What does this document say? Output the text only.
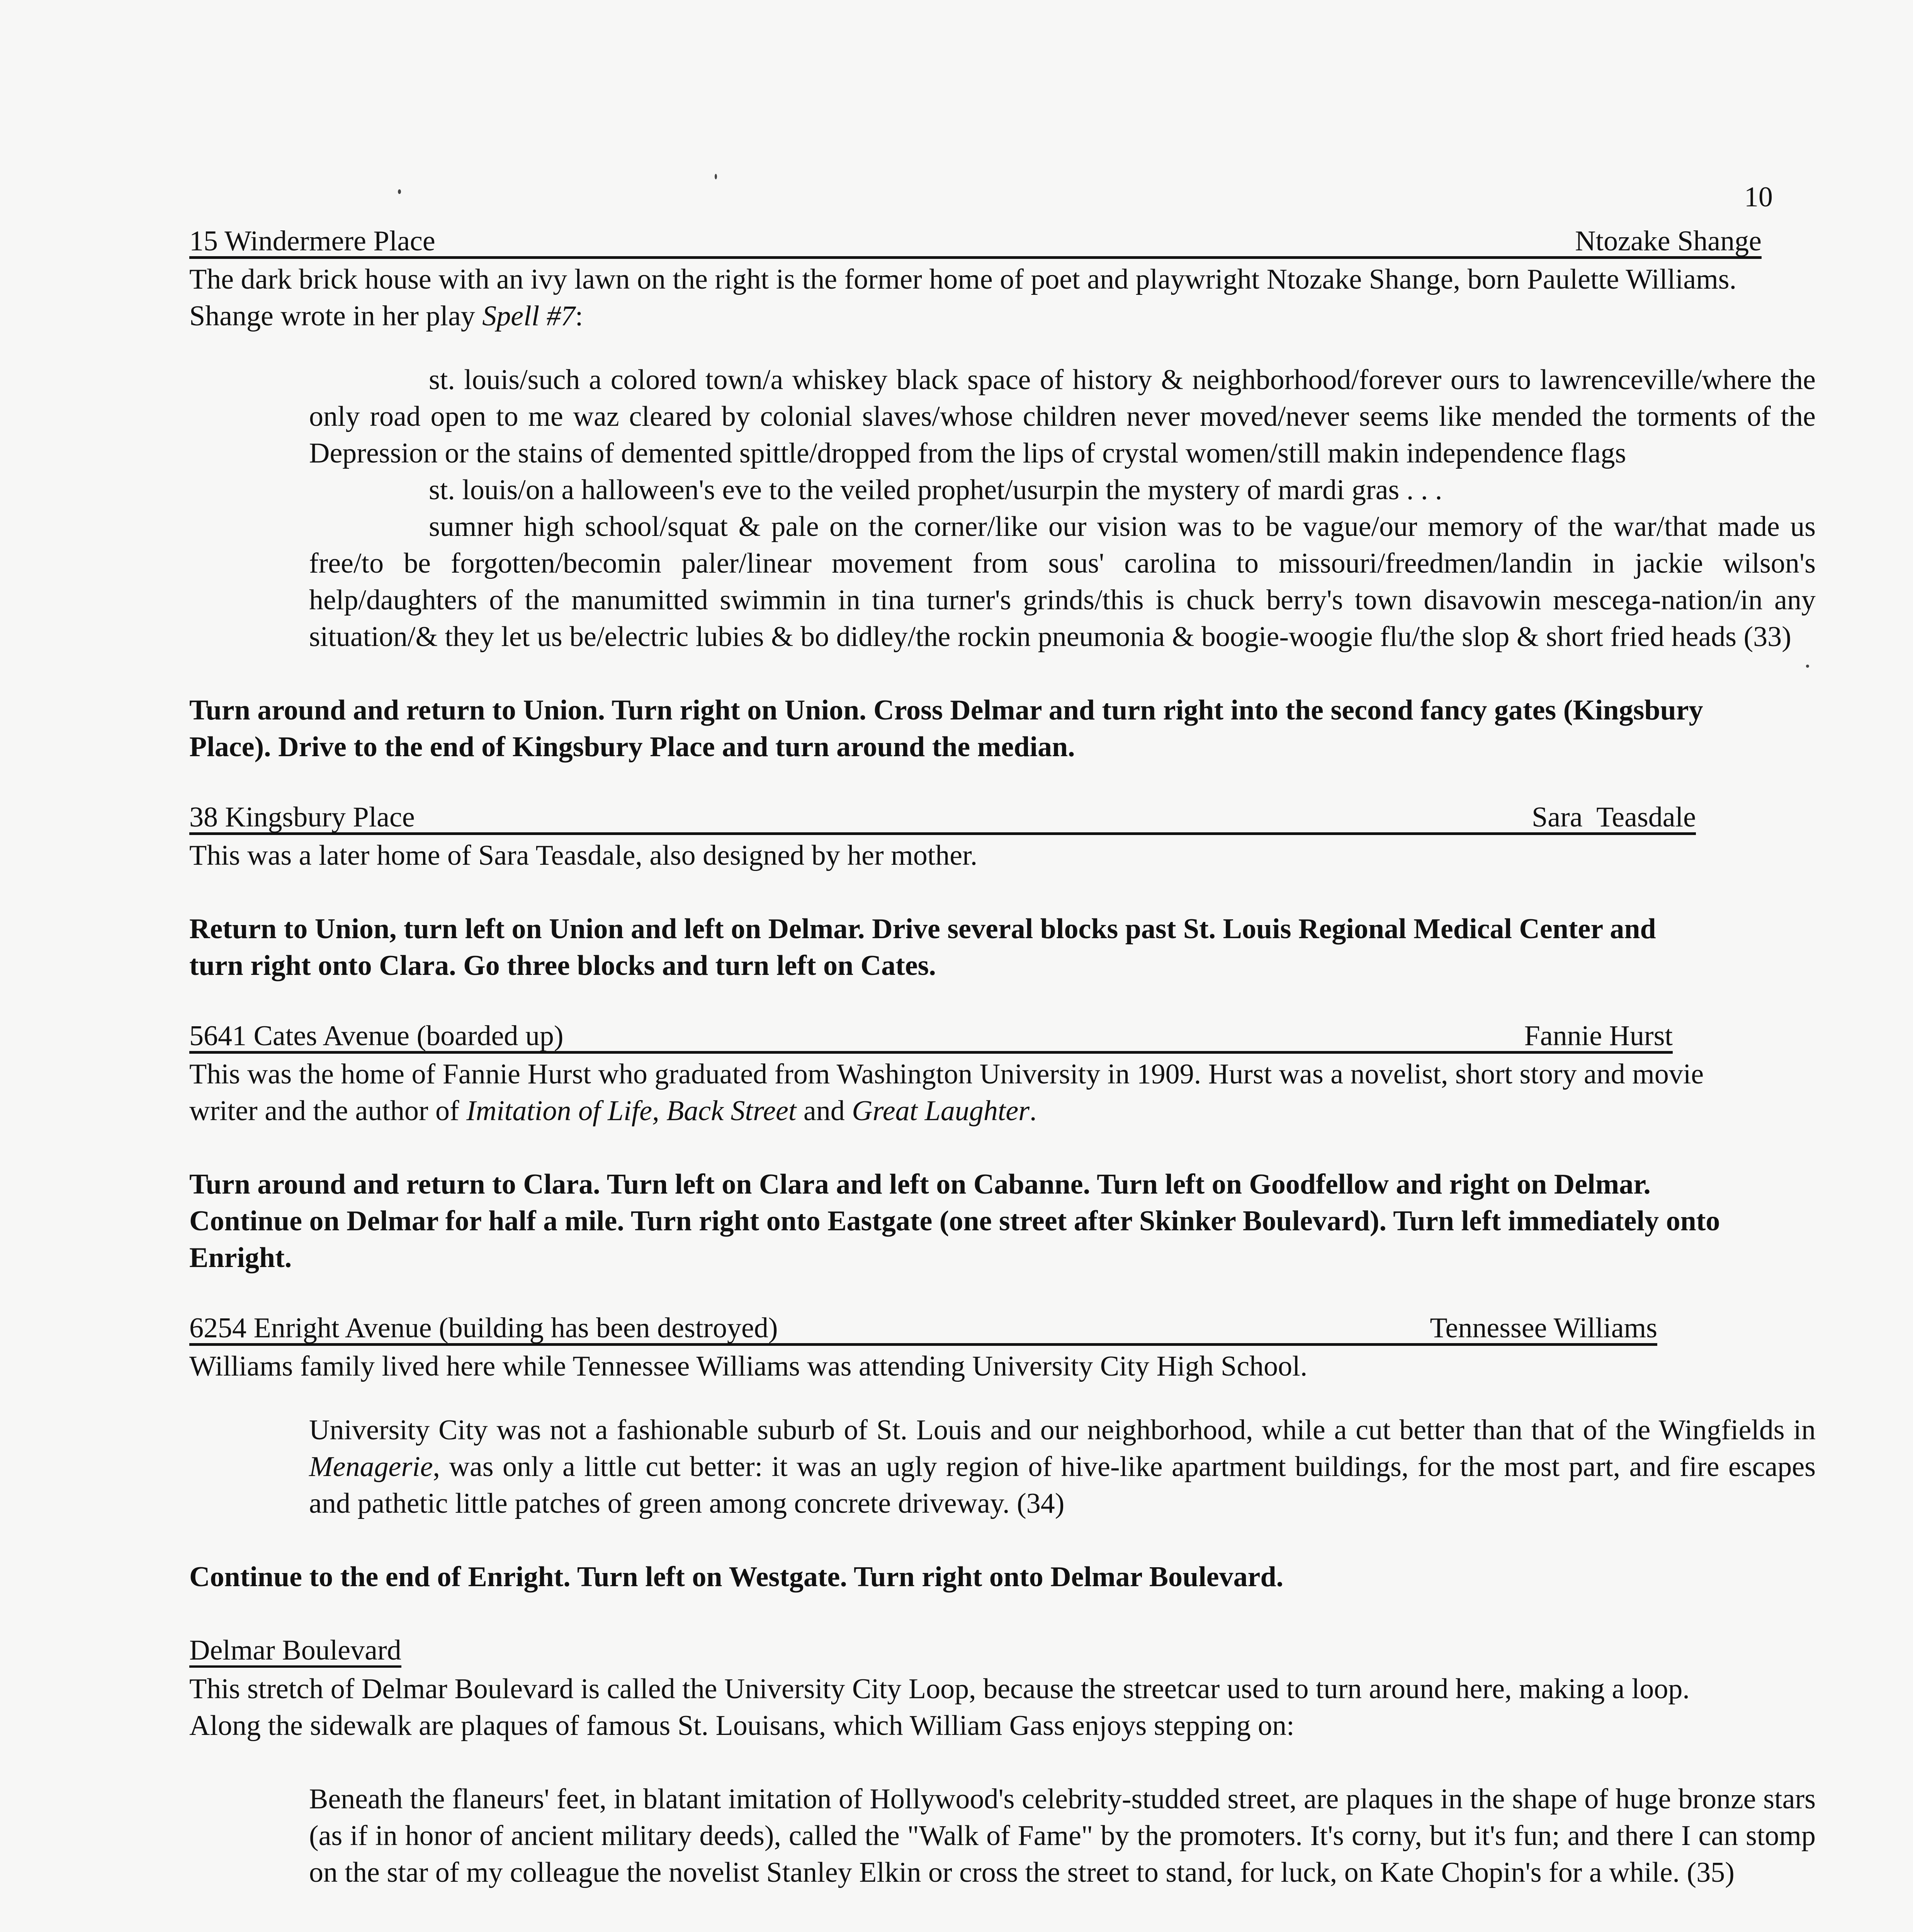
10
15 Windermere Place	Ntozake Shange

The dark brick house with an ivy lawn on the right is the former home of poet and playwright Ntozake Shange, born Paulette Williams. Shange wrote in her play Spell #7:

st. louis/such a colored town/a whiskey black space of history & neighborhood/forever ours to lawrenceville/where the only road open to me waz cleared by colonial slaves/whose children never moved/never seems like mended the torments of the Depression or the stains of demented spittle/dropped from the lips of crystal women/still makin independence flags

st. louis/on a halloween's eve to the veiled prophet/usurpin the mystery of mardi gras . . .

sumner high school/squat & pale on the corner/like our vision was to be vague/our memory of the war/that made us free/to be forgotten/becomin paler/linear movement from sous' carolina to missouri/freedmen/landin in jackie wilson's help/daughters of the manumitted swimmin in tina turner's grinds/this is chuck berry's town disavowin mescega-nation/in any situation/& they let us be/electric lubies & bo didley/the rockin pneumonia & boogie-woogie flu/the slop & short fried heads (33)

Turn around and return to Union. Turn right on Union. Cross Delmar and turn right into the second fancy gates (Kingsbury Place). Drive to the end of Kingsbury Place and turn around the median.

38 Kingsbury Place	Sara  Teasdale

This was a later home of Sara Teasdale, also designed by her mother.

Return to Union, turn left on Union and left on Delmar. Drive several blocks past St. Louis Regional Medical Center and turn right onto Clara. Go three blocks and turn left on Cates.

5641 Cates Avenue (boarded up)	Fannie Hurst

This was the home of Fannie Hurst who graduated from Washington University in 1909. Hurst was a novelist, short story and movie writer and the author of Imitation of Life, Back Street and Great Laughter.

Turn around and return to Clara. Turn left on Clara and left on Cabanne. Turn left on Goodfellow and right on Delmar. Continue on Delmar for half a mile. Turn right onto Eastgate (one street after Skinker Boulevard). Turn left immediately onto Enright.

6254 Enright Avenue (building has been destroyed)	Tennessee Williams

Williams family lived here while Tennessee Williams was attending University City High School.

University City was not a fashionable suburb of St. Louis and our neighborhood, while a cut better than that of the Wingfields in Menagerie, was only a little cut better: it was an ugly region of hive-like apartment buildings, for the most part, and fire escapes and pathetic little patches of green among concrete driveway. (34)

Continue to the end of Enright. Turn left on Westgate. Turn right onto Delmar Boulevard.

Delmar Boulevard

This stretch of Delmar Boulevard is called the University City Loop, because the streetcar used to turn around here, making a loop. Along the sidewalk are plaques of famous St. Louisans, which William Gass enjoys stepping on:

Beneath the flaneurs' feet, in blatant imitation of Hollywood's celebrity-studded street, are plaques in the shape of huge bronze stars (as if in honor of ancient military deeds), called the "Walk of Fame" by the promoters. It's corny, but it's fun; and there I can stomp on the star of my colleague the novelist Stanley Elkin or cross the street to stand, for luck, on Kate Chopin's for a while. (35)
